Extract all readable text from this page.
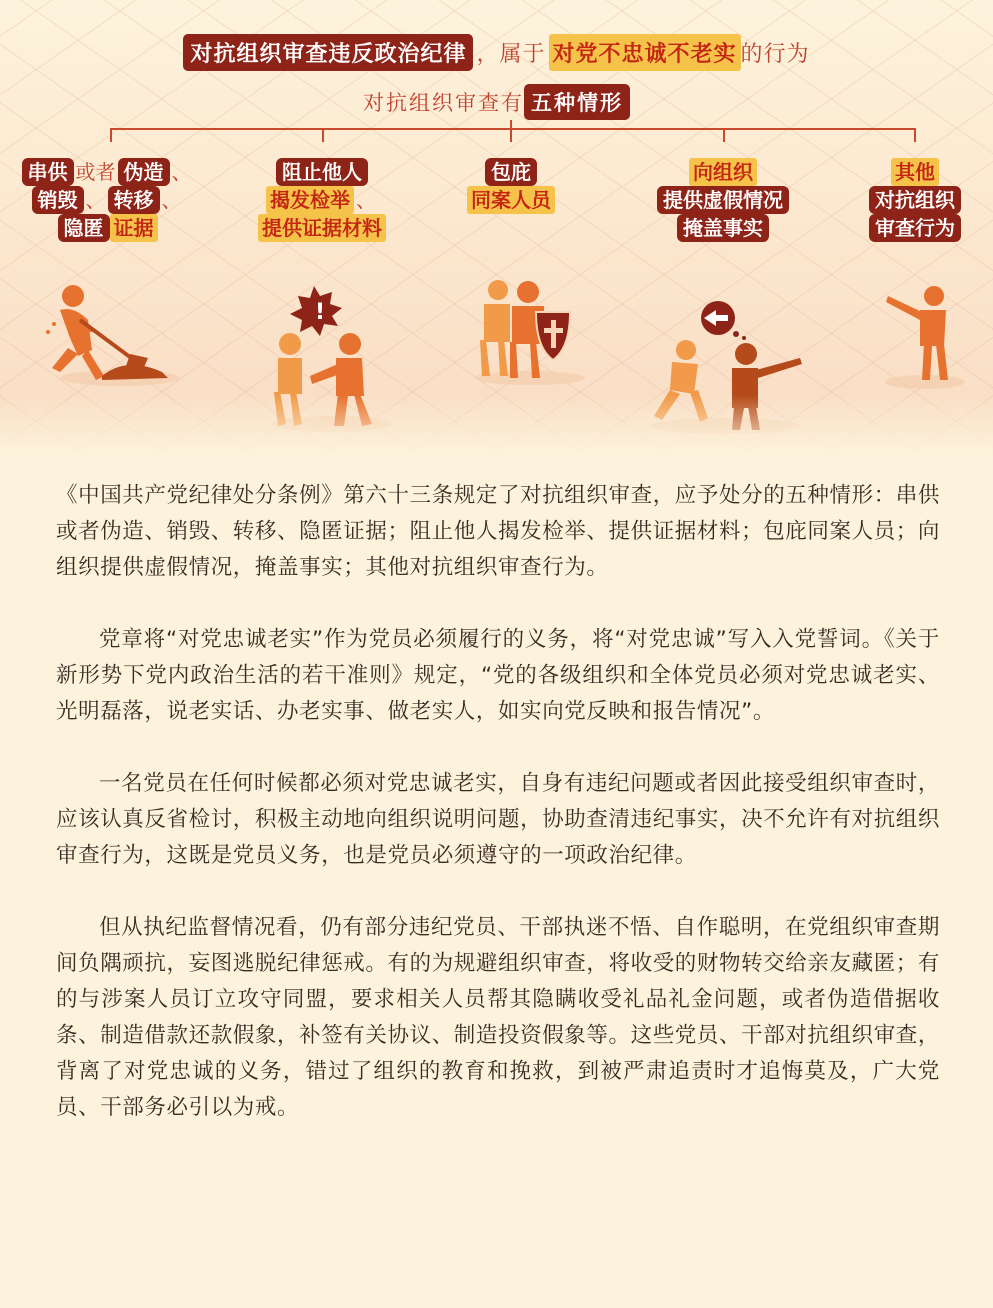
对抗组织审查违反政治纪律 ，属于 对党不忠诚不老实 的行为
对抗组织审查有 五种情形
串供 或者 伪造 、
销毁 、 转移 、
隐匿 证据
阻止他人
揭发检举 、
提供证据材料
包庇
同案人员
向组织
提供虚假情况
掩盖事实
其他
对抗组织
审查行为
!

《中国共产党纪律处分条例》第六十三条规定了对抗组织审查，应予处分的五种情形：串供或者伪造、销毁、转移、隐匿证据；阻止他人揭发检举、提供证据材料；包庇同案人员；向组织提供虚假情况，掩盖事实；其他对抗组织审查行为。

党章将“对党忠诚老实”作为党员必须履行的义务，将“对党忠诚”写入入党誓词。《关于新形势下党内政治生活的若干准则》规定，“党的各级组织和全体党员必须对党忠诚老实、光明磊落，说老实话、办老实事、做老实人，如实向党反映和报告情况”。

一名党员在任何时候都必须对党忠诚老实，自身有违纪问题或者因此接受组织审查时，应该认真反省检讨，积极主动地向组织说明问题，协助查清违纪事实，决不允许有对抗组织审查行为，这既是党员义务，也是党员必须遵守的一项政治纪律。

但从执纪监督情况看，仍有部分违纪党员、干部执迷不悟、自作聪明，在党组织审查期间负隅顽抗，妄图逃脱纪律惩戒。有的为规避组织审查，将收受的财物转交给亲友藏匿；有的与涉案人员订立攻守同盟，要求相关人员帮其隐瞒收受礼品礼金问题，或者伪造借据收条、制造借款还款假象，补签有关协议、制造投资假象等。这些党员、干部对抗组织审查，背离了对党忠诚的义务，错过了组织的教育和挽救，到被严肃追责时才追悔莫及，广大党员、干部务必引以为戒。
